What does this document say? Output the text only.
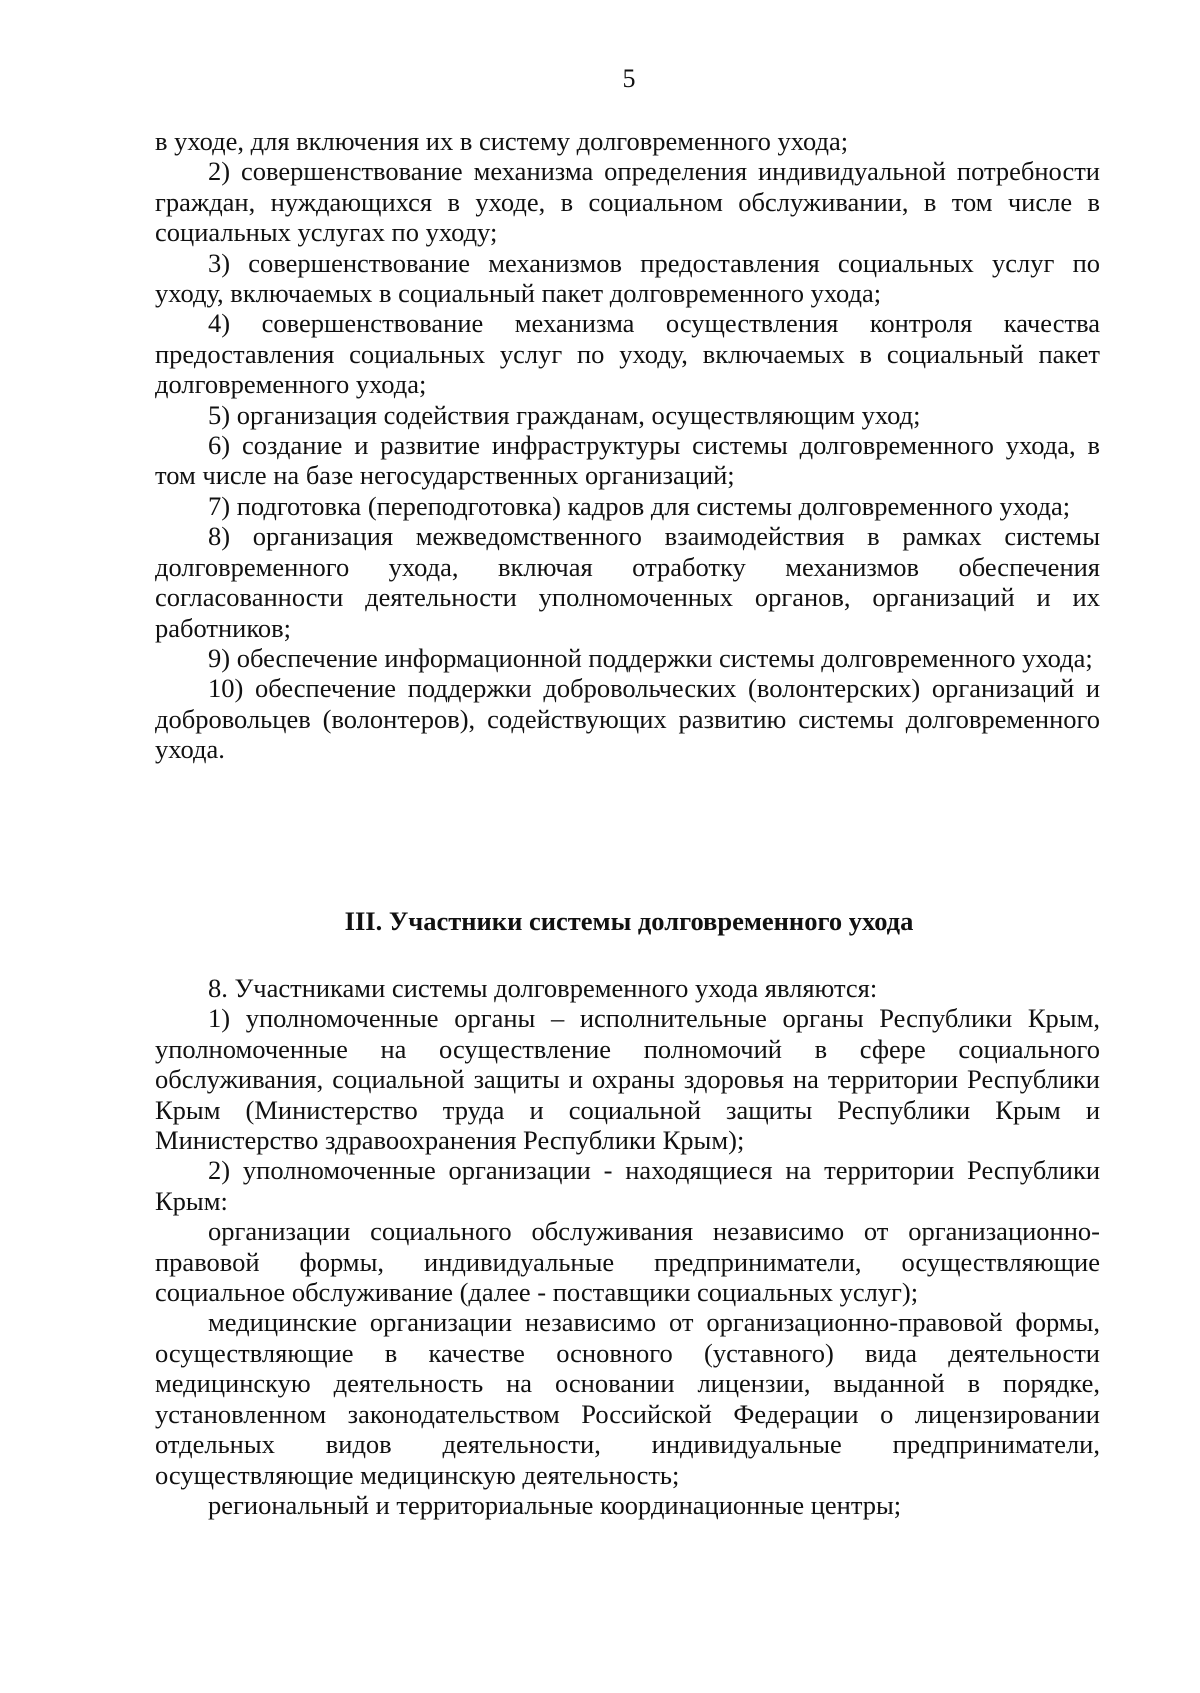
5

в уходе, для включения их в систему долговременного ухода;

2) совершенствование механизма определения индивидуальной потребности граждан, нуждающихся в уходе, в социальном обслуживании, в том числе в социальных услугах по уходу;

3) совершенствование механизмов предоставления социальных услуг по уходу, включаемых в социальный пакет долговременного ухода;

4) совершенствование механизма осуществления контроля качества предоставления социальных услуг по уходу, включаемых в социальный пакет долговременного ухода;

5) организация содействия гражданам, осуществляющим уход;

6) создание и развитие инфраструктуры системы долговременного ухода, в том числе на базе негосударственных организаций;

7) подготовка (переподготовка) кадров для системы долговременного ухода;

8) организация межведомственного взаимодействия в рамках системы долговременного ухода, включая отработку механизмов обеспечения согласованности деятельности уполномоченных органов, организаций и их работников;

9) обеспечение информационной поддержки системы долговременного ухода;

10) обеспечение поддержки добровольческих (волонтерских) организаций и добровольцев (волонтеров), содействующих развитию системы долговременного ухода.

III. Участники системы долговременного ухода

8. Участниками системы долговременного ухода являются:

1) уполномоченные органы – исполнительные органы Республики Крым, уполномоченные на осуществление полномочий в сфере социального обслуживания, социальной защиты и охраны здоровья на территории Республики Крым (Министерство труда и социальной защиты Республики Крым и Министерство здравоохранения Республики Крым);

2) уполномоченные организации - находящиеся на территории Республики Крым:

организации социального обслуживания независимо от организационно-правовой формы, индивидуальные предприниматели, осуществляющие социальное обслуживание (далее - поставщики социальных услуг);

медицинские организации независимо от организационно-правовой формы, осуществляющие в качестве основного (уставного) вида деятельности медицинскую деятельность на основании лицензии, выданной в порядке, установленном законодательством Российской Федерации о лицензировании отдельных видов деятельности, индивидуальные предприниматели, осуществляющие медицинскую деятельность;

региональный и территориальные координационные центры;
